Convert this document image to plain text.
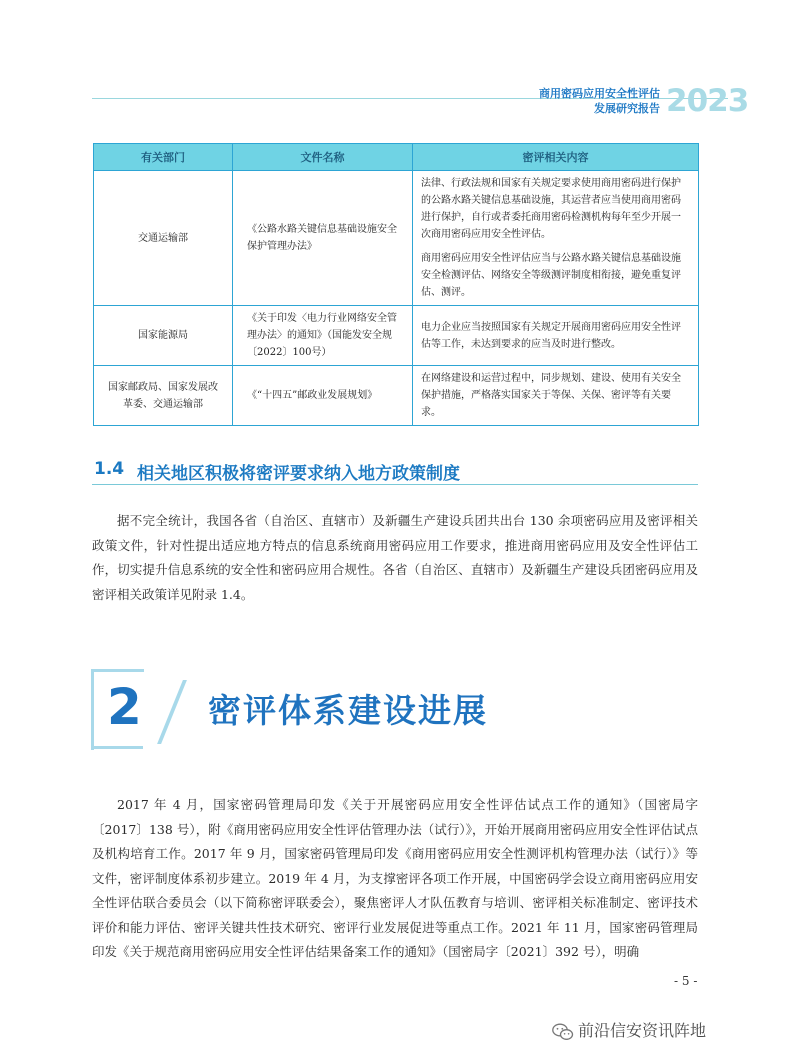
商用密码应用安全性评估
发展研究报告 2023
有关部门	文件名称	密评相关内容
交通运输部	《公路水路关键信息基础设施安全保护管理办法》	法律、行政法规和国家有关规定要求使用商用密码进行保护的公路水路关键信息基础设施，其运营者应当使用商用密码进行保护，自行或者委托商用密码检测机构每年至少开展一次商用密码应用安全性评估。

商用密码应用安全性评估应当与公路水路关键信息基础设施安全检测评估、网络安全等级测评制度相衔接，避免重复评估、测评。

国家能源局	《关于印发〈电力行业网络安全管理办法〉的通知》（国能发安全规〔2022〕100号）	电力企业应当按照国家有关规定开展商用密码应用安全性评估等工作，未达到要求的应当及时进行整改。

国家邮政局、国家发展改革委、交通运输部	《“十四五”邮政业发展规划》	在网络建设和运营过程中，同步规划、建设、使用有关安全保护措施，严格落实国家关于等保、关保、密评等有关要求。

1.4 相关地区积极将密评要求纳入地方政策制度

据不完全统计，我国各省（自治区、直辖市）及新疆生产建设兵团共出台 130 余项密码应用及密评相关政策文件，针对性提出适应地方特点的信息系统商用密码应用工作要求，推进商用密码应用及安全性评估工作，切实提升信息系统的安全性和密码应用合规性。各省（自治区、直辖市）及新疆生产建设兵团密码应用及密评相关政策详见附录 1.4。

2 密评体系建设进展

2017 年 4 月，国家密码管理局印发《关于开展密码应用安全性评估试点工作的通知》（国密局字〔2017〕138 号），附《商用密码应用安全性评估管理办法（试行）》，开始开展商用密码应用安全性评估试点及机构培育工作。2017 年 9 月，国家密码管理局印发《商用密码应用安全性测评机构管理办法（试行）》等文件，密评制度体系初步建立。2019 年 4 月，为支撑密评各项工作开展，中国密码学会设立商用密码应用安全性评估联合委员会（以下简称密评联委会），聚焦密评人才队伍教育与培训、密评相关标准制定、密评技术评价和能力评估、密评关键共性技术研究、密评行业发展促进等重点工作。2021 年 11 月，国家密码管理局印发《关于规范商用密码应用安全性评估结果备案工作的通知》（国密局字〔2021〕392 号），明确

- 5 -
前沿信安资讯阵地
